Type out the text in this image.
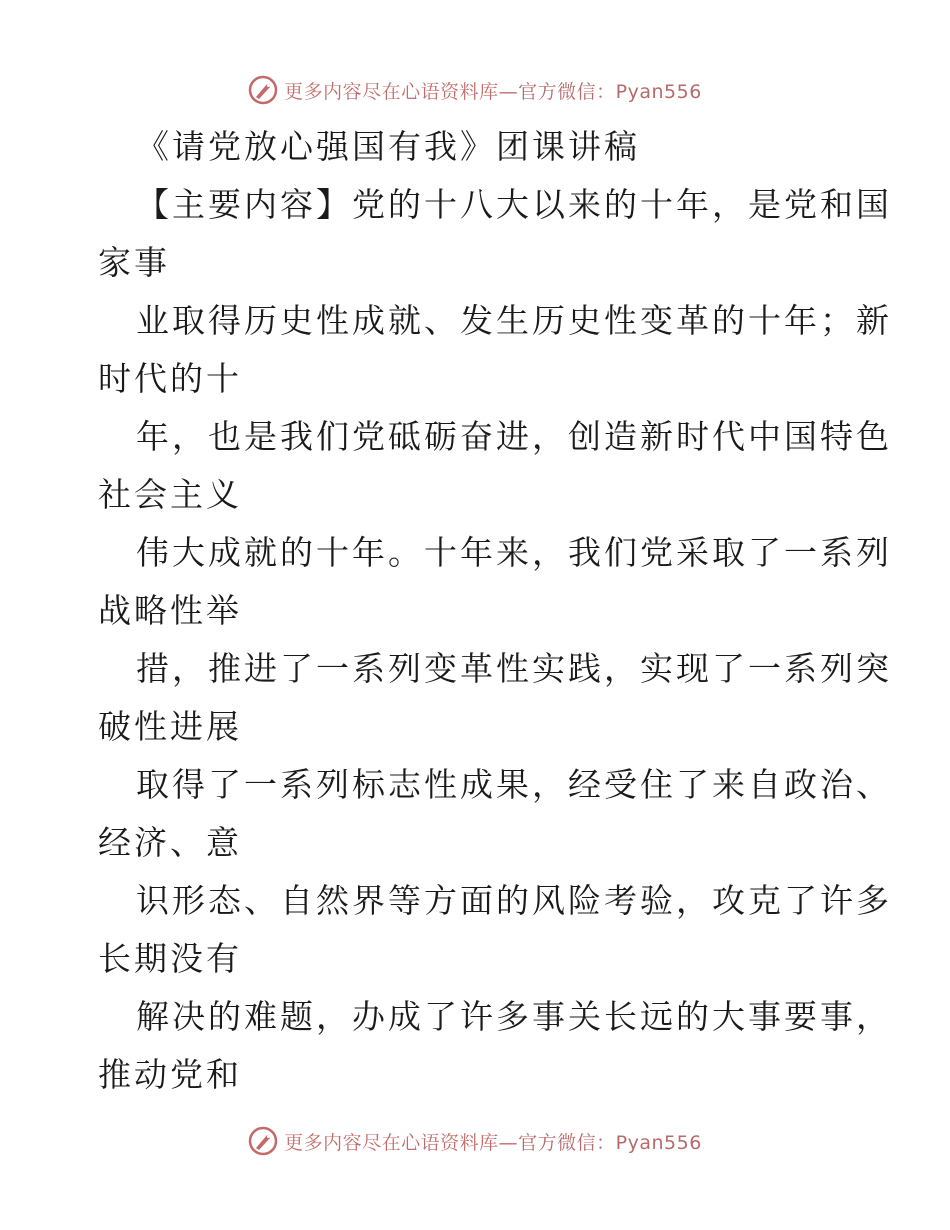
更多内容尽在心语资料库—官方微信：Pyan556
《请党放心强国有我》团课讲稿
【主要内容】党的十八大以来的十年，是党和国
家事
业取得历史性成就、发生历史性变革的十年；新
时代的十
年，也是我们党砥砺奋进，创造新时代中国特色
社会主义
伟大成就的十年。十年来，我们党采取了一系列
战略性举
措，推进了一系列变革性实践，实现了一系列突
破性进展
取得了一系列标志性成果，经受住了来自政治、
经济、意
识形态、自然界等方面的风险考验，攻克了许多
长期没有
解决的难题，办成了许多事关长远的大事要事，
推动党和
更多内容尽在心语资料库—官方微信：Pyan556
